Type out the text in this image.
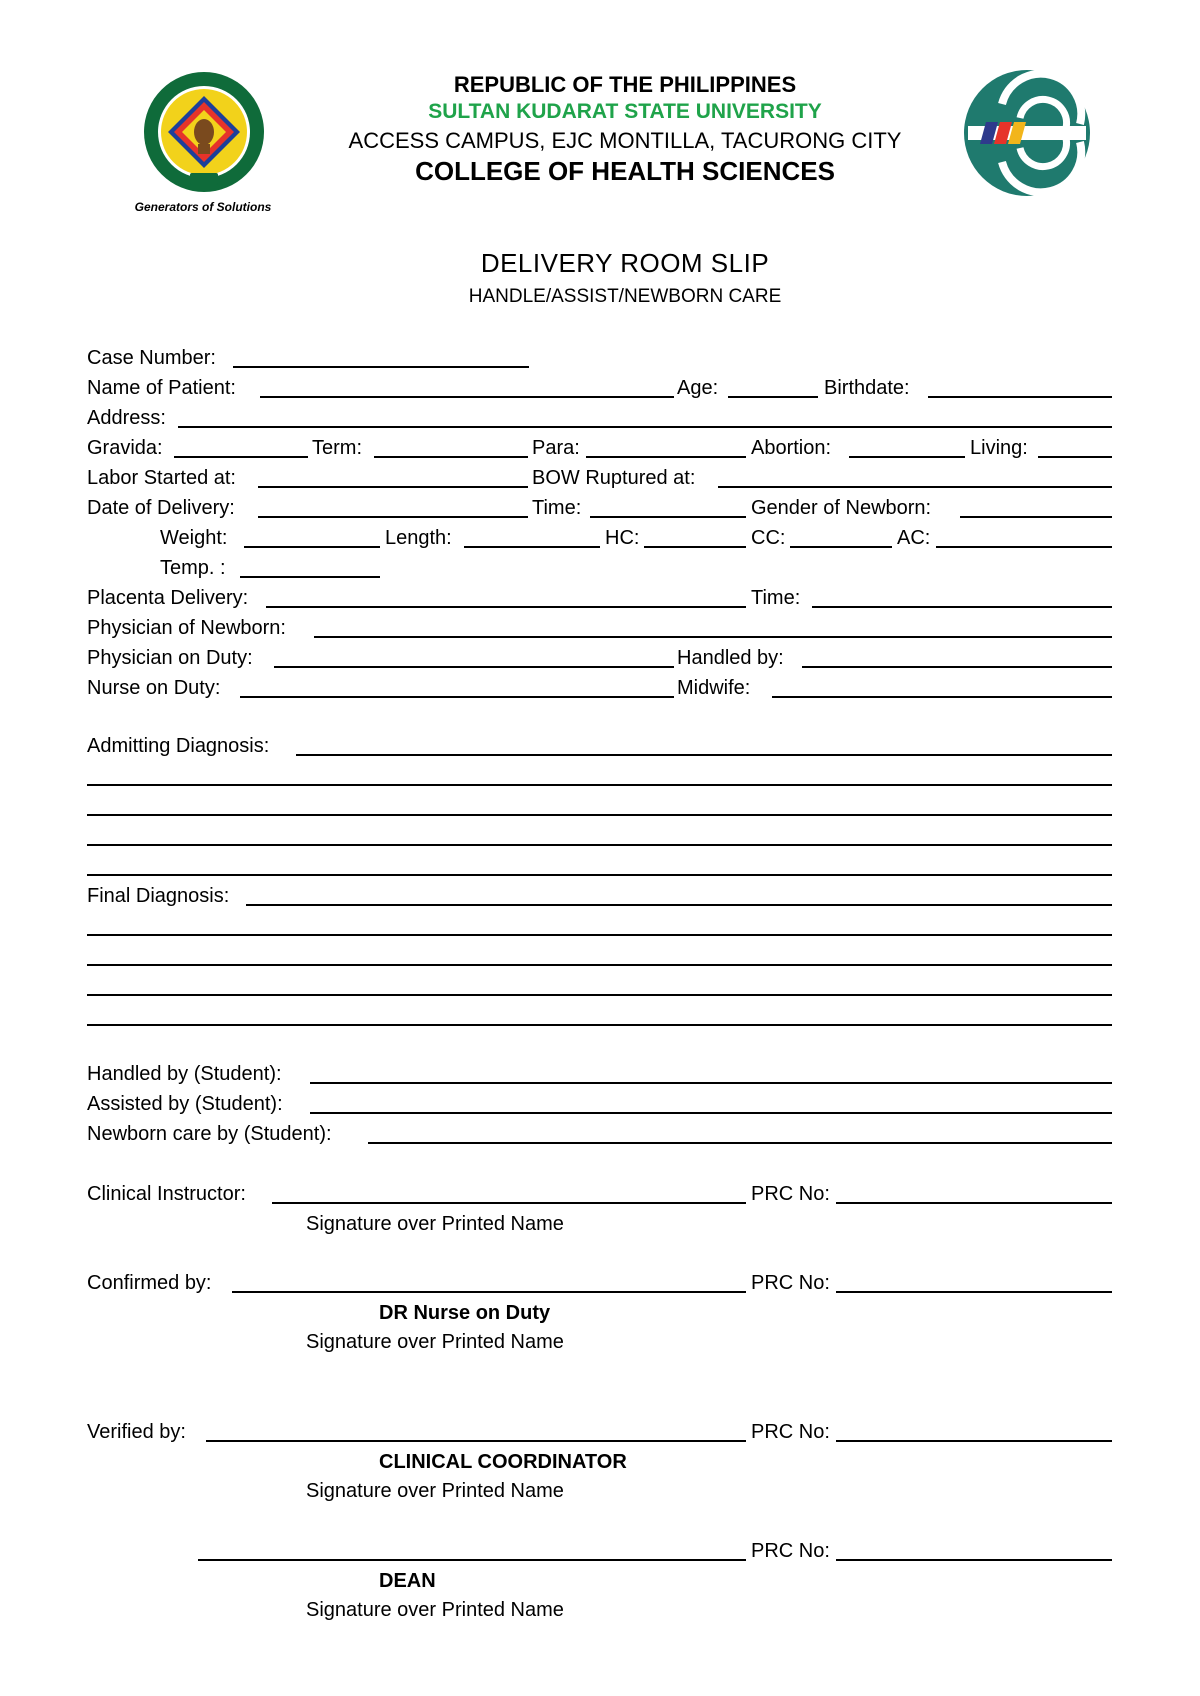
Generators of Solutions
REPUBLIC OF THE PHILIPPINES
SULTAN KUDARAT STATE UNIVERSITY
ACCESS CAMPUS, EJC MONTILLA, TACURONG CITY
COLLEGE OF HEALTH SCIENCES
DELIVERY ROOM SLIP
HANDLE/ASSIST/NEWBORN CARE
Case Number:
Name of Patient:	Age:	Birthdate:
Address:
Gravida:	Term:	Para:	Abortion:	Living:
Labor Started at:	BOW Ruptured at:
Date of Delivery:	Time:	Gender of Newborn:
Weight:	Length:	HC:	CC:	AC:
Temp. :
Placenta Delivery:	Time:
Physician of Newborn:
Physician on Duty:	Handled by:
Nurse on Duty:	Midwife:
Admitting Diagnosis:
Final Diagnosis:
Handled by (Student):
Assisted by (Student):
Newborn care by (Student):
Clinical Instructor:	PRC No:
Signature over Printed Name
Confirmed by:	PRC No:
DR Nurse on Duty
Signature over Printed Name
Verified by:	PRC No:
CLINICAL COORDINATOR
Signature over Printed Name
PRC No:
DEAN
Signature over Printed Name
